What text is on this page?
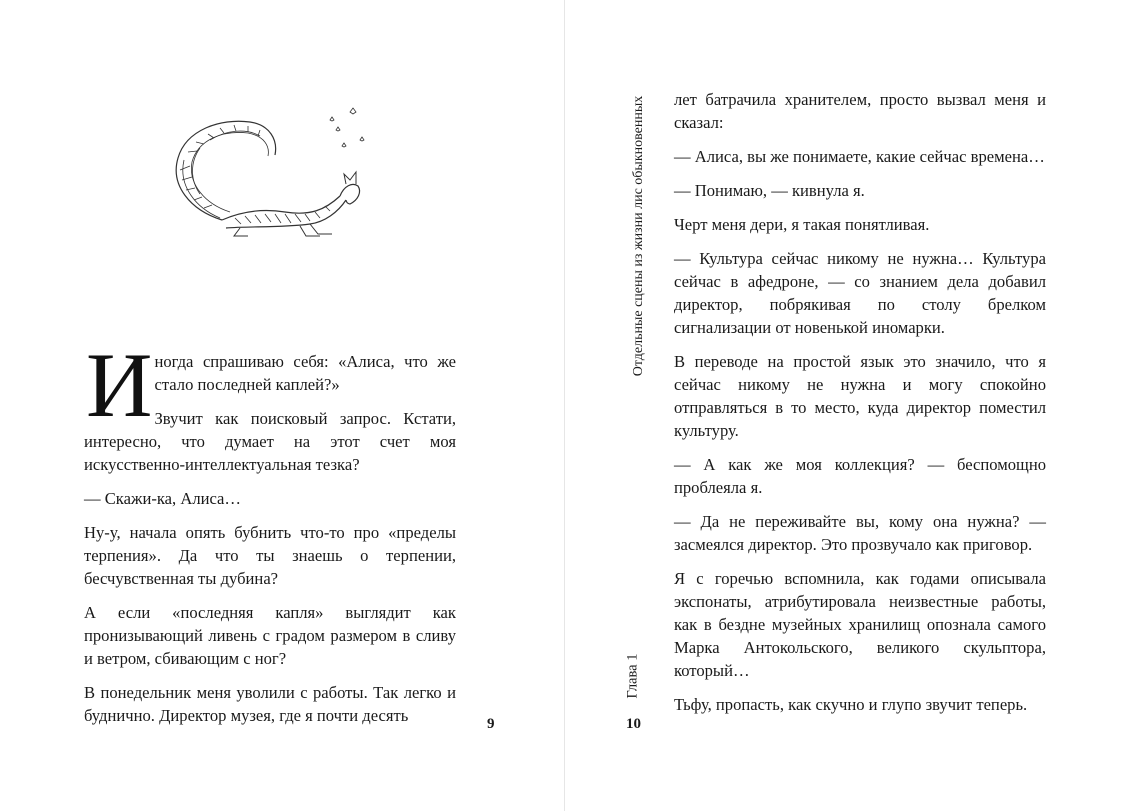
Иногда спрашиваю себя: «Алиса, что же стало последней каплей?»

Звучит как поисковый запрос. Кстати, интересно, что думает на этот счет моя искусственно-интеллектуальная тезка?

— Скажи-ка, Алиса…

Ну-у, начала опять бубнить что-то про «пределы терпения». Да что ты знаешь о терпении, бесчувственная ты дубина?

А если «последняя капля» выглядит как пронизывающий ливень с градом размером в сливу и ветром, сбивающим с ног?

В понедельник меня уволили с работы. Так легко и буднично. Директор музея, где я почти десять	9
Отдельные сцены из жизни лис обыкновенных
Глава 1

лет батрачила хранителем, просто вызвал меня и сказал:

— Алиса, вы же понимаете, какие сейчас времена…

— Понимаю, — кивнула я.

Черт меня дери, я такая понятливая.

— Культура сейчас никому не нужна… Культура сейчас в афедроне, — со знанием дела добавил директор, побрякивая по столу брелком сигнализации от новенькой иномарки.

В переводе на простой язык это значило, что я сейчас никому не нужна и могу спокойно отправляться в то место, куда директор поместил культуру.

— А как же моя коллекция? — беспомощно проблеяла я.

— Да не переживайте вы, кому она нужна? — засмеялся директор. Это прозвучало как приговор.

Я с горечью вспомнила, как годами описывала экспонаты, атрибутировала неизвестные работы, как в бездне музейных хранилищ опознала самого Марка Антокольского, великого скульптора, который…

Тьфу, пропасть, как скучно и глупо звучит теперь.

10
